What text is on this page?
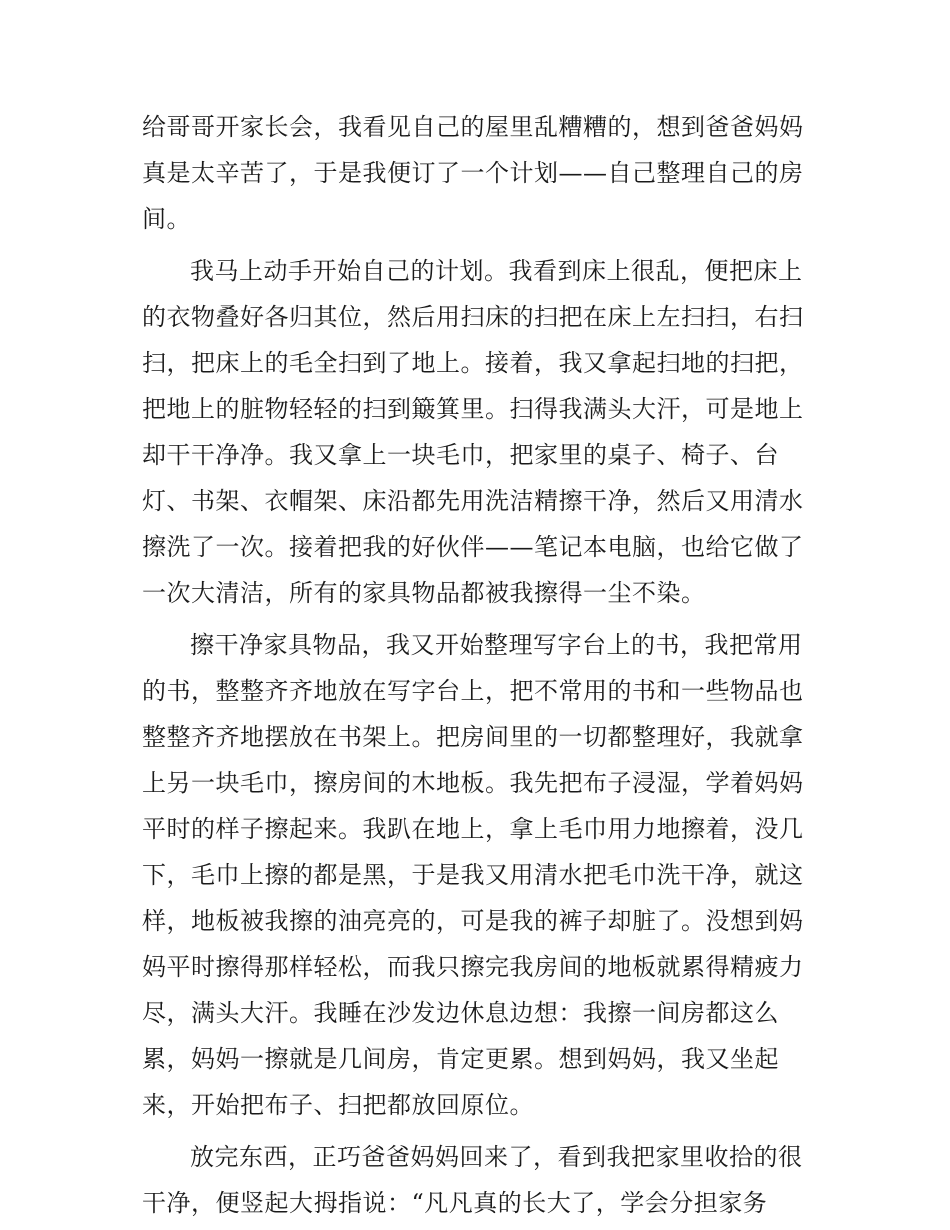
给哥哥开家长会，我看见自己的屋里乱糟糟的，想到爸爸妈妈
真是太辛苦了，于是我便订了一个计划——自己整理自己的房
间。
我马上动手开始自己的计划。我看到床上很乱，便把床上
的衣物叠好各归其位，然后用扫床的扫把在床上左扫扫，右扫
扫，把床上的毛全扫到了地上。接着，我又拿起扫地的扫把，
把地上的脏物轻轻的扫到簸箕里。扫得我满头大汗，可是地上
却干干净净。我又拿上一块毛巾，把家里的桌子、椅子、台
灯、书架、衣帽架、床沿都先用洗洁精擦干净，然后又用清水
擦洗了一次。接着把我的好伙伴——笔记本电脑，也给它做了
一次大清洁，所有的家具物品都被我擦得一尘不染。
擦干净家具物品，我又开始整理写字台上的书，我把常用
的书，整整齐齐地放在写字台上，把不常用的书和一些物品也
整整齐齐地摆放在书架上。把房间里的一切都整理好，我就拿
上另一块毛巾，擦房间的木地板。我先把布子浸湿，学着妈妈
平时的样子擦起来。我趴在地上，拿上毛巾用力地擦着，没几
下，毛巾上擦的都是黑，于是我又用清水把毛巾洗干净，就这
样，地板被我擦的油亮亮的，可是我的裤子却脏了。没想到妈
妈平时擦得那样轻松，而我只擦完我房间的地板就累得精疲力
尽，满头大汗。我睡在沙发边休息边想：我擦一间房都这么
累，妈妈一擦就是几间房，肯定更累。想到妈妈，我又坐起
来，开始把布子、扫把都放回原位。
放完东西，正巧爸爸妈妈回来了，看到我把家里收拾的很
干净，便竖起大拇指说：“凡凡真的长大了，学会分担家务
